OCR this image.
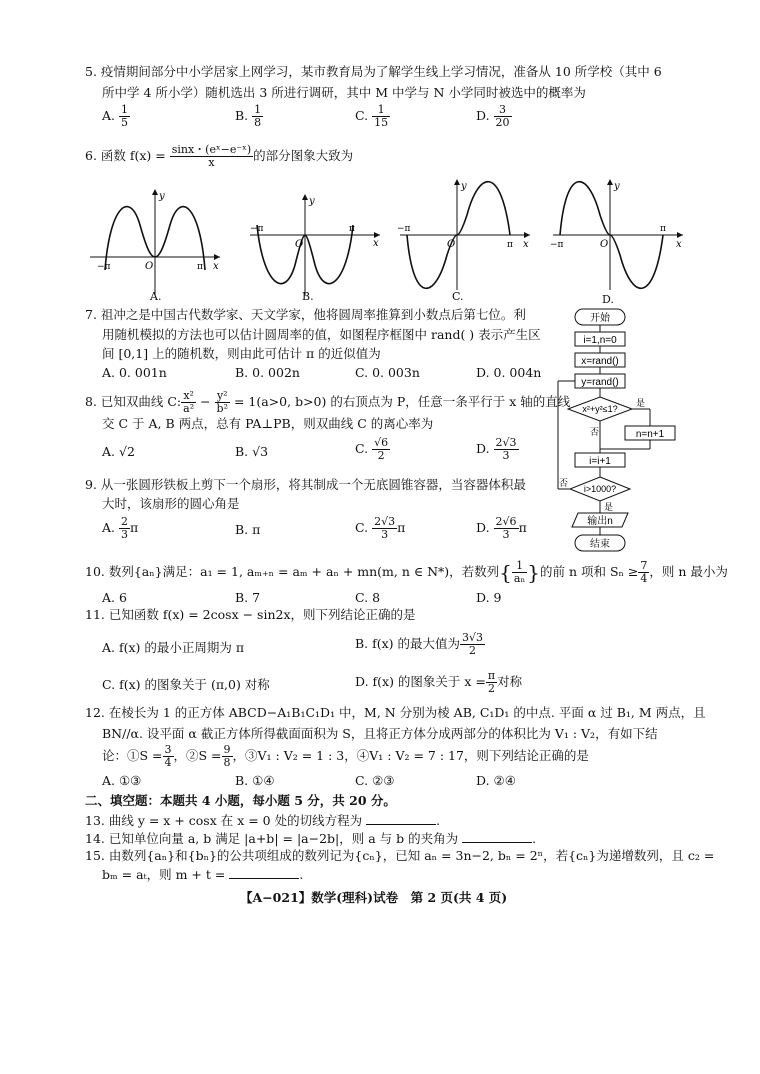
5. 疫情期间部分中小学居家上网学习，某市教育局为了解学生线上学习情况，准备从 10 所学校（其中 6
所中学 4 所小学）随机选出 3 所进行调研，其中 M 中学与 N 小学同时被选中的概率为
A. $\frac{1}{5}$	B. $\frac{1}{8}$	C. $\frac{1}{15}$	D. $\frac{3}{20}$
6. 函数 $f(x) = \frac{\text{sinx・(eˣ−e⁻ˣ)}}{x}$ 的部分图象大致为
y
x
O
−π	π
A.
y
x
O
−π	π
B.
y
x
O
−π
π
C.
y
x
O
−π
π
D.
7. 祖冲之是中国古代数学家、天文学家，他将圆周率推算到小数点后第七位。利
用随机模拟的方法也可以估计圆周率的值，如图程序框图中 rand( ) 表示产生区
间 [0,1] 上的随机数，则由此可估计 π 的近似值为
A. 0. 001n	B. 0. 002n	C. 0. 003n	D. 0. 004n
8. 已知双曲线 C: $\frac{\text{x²}}{\text{a²}} - \frac{\text{y²}}{\text{b²}} = 1(a>0$, b>0) 的右顶点为 P，任意一条平行于 x 轴的直线
交 C 于 A, B 两点，总有 PA⊥PB，则双曲线 C 的离心率为
A. √2	B. √3	C. $\frac{√6}{2}$	D. $\frac{2√3}{3}$
9. 从一张圆形铁板上剪下一个扇形，将其制成一个无底圆锥容器，当容器体积最
大时，该扇形的圆心角是
A. $\frac{2}{3}$ π	B. π	C. $\frac{2√3}{3}$ π	D. $\frac{2√6}{3}$ π
10. 数列{aₙ}满足：a₁ = 1, aₘ₊ₙ = aₘ + aₙ + mn(m, n ∈ N*)，若数列{ $\frac{1}{\text{aₙ}}$ }的前 n 项和 $S_n \ge \frac{7}{4}$ ，则 n 最小为
A. 6	B. 7	C. 8	D. 9
11. 已知函数 f(x) = 2cosx − sin2x，则下列结论正确的是
A. f(x) 的最小正周期为 π	B. f(x) 的最大值为 $\frac{3√3}{2}$
C. f(x) 的图象关于 (π,0) 对称	D. f(x) 的图象关于 $x = \frac{\pi}{2}$ 对称
12. 在棱长为 1 的正方体 ABCD−A₁B₁C₁D₁ 中，M, N 分别为棱 AB, C₁D₁ 的中点. 平面 α 过 B₁, M 两点，且
BN//α. 设平面 α 截正方体所得截面面积为 S，且将正方体分成两部分的体积比为 V₁ : V₂，有如下结
论：①S = $\frac{3}{4}$ ，②S = $\frac{9}{8}$ ，③V₁ : V₂ = 1 : 3，④V₁ : V₂ = 7 : 17，则下列结论正确的是
A. ①③	B. ①④	C. ②③	D. ②④
二、填空题：本题共 4 小题，每小题 5 分，共 20 分。
13. 曲线 y = x + cosx 在 x = 0 处的切线方程为	.
14. 已知单位向量 a, b 满足 |a+b| = |a−2b|，则 a 与 b 的夹角为	.
15. 由数列{aₙ}和{bₙ}的公共项组成的数列记为{cₙ}，已知 aₙ = 3n−2, bₙ = 2ⁿ，若{cₙ}为递增数列，且 c₂ =
bₘ = aₜ，则 m + t =	.
【A−021】数学(理科)试卷　第 2 页(共 4 页)
开始
i=1,n=0
x=rand()
y=rand()
x²+y²≤1?
是
n=n+1
否
i=i+1
i>1000?
否
是
输出n
结束
